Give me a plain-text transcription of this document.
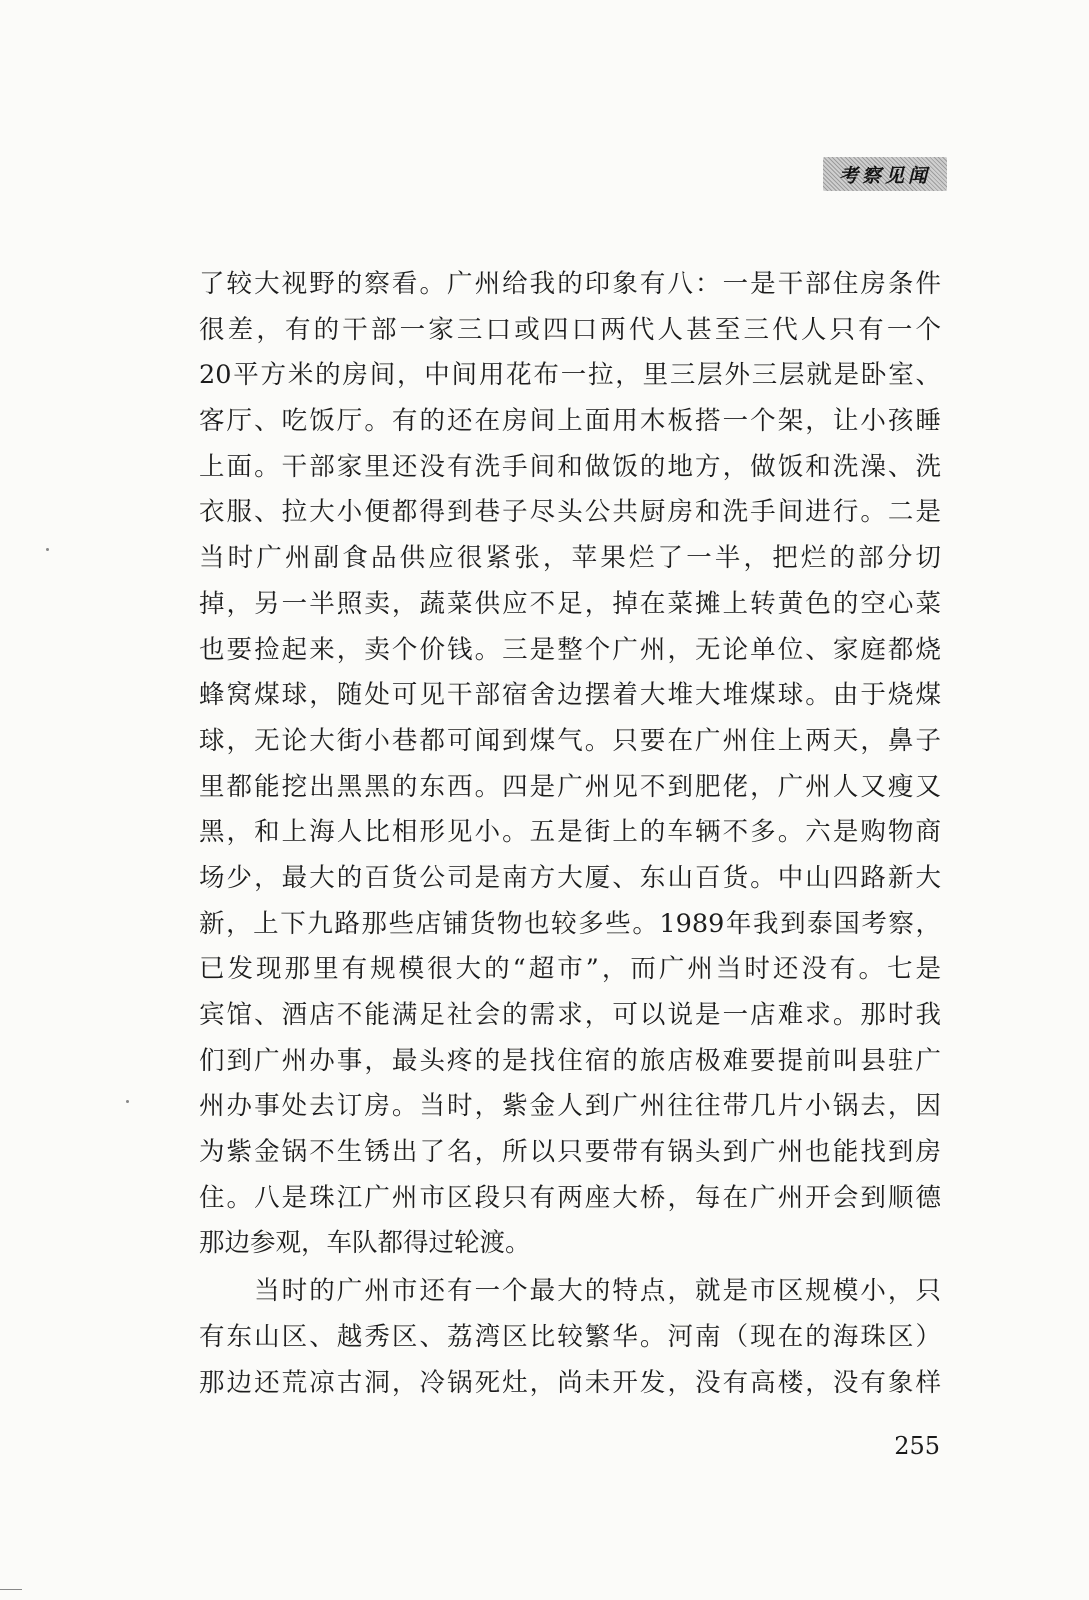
考察见闻
了较大视野的察看。广州给我的印象有八：一是干部住房条件
很差，有的干部一家三口或四口两代人甚至三代人只有一个
20平方米的房间，中间用花布一拉，里三层外三层就是卧室、
客厅、吃饭厅。有的还在房间上面用木板搭一个架，让小孩睡
上面。干部家里还没有洗手间和做饭的地方，做饭和洗澡、洗
衣服、拉大小便都得到巷子尽头公共厨房和洗手间进行。二是
当时广州副食品供应很紧张，苹果烂了一半，把烂的部分切
掉，另一半照卖，蔬菜供应不足，掉在菜摊上转黄色的空心菜
也要捡起来，卖个价钱。三是整个广州，无论单位、家庭都烧
蜂窝煤球，随处可见干部宿舍边摆着大堆大堆煤球。由于烧煤
球，无论大街小巷都可闻到煤气。只要在广州住上两天，鼻子
里都能挖出黑黑的东西。四是广州见不到肥佬，广州人又瘦又
黑，和上海人比相形见小。五是街上的车辆不多。六是购物商
场少，最大的百货公司是南方大厦、东山百货。中山四路新大
新，上下九路那些店铺货物也较多些。1989年我到泰国考察，
已发现那里有规模很大的“超市”，而广州当时还没有。七是
宾馆、酒店不能满足社会的需求，可以说是一店难求。那时我
们到广州办事，最头疼的是找住宿的旅店极难要提前叫县驻广
州办事处去订房。当时，紫金人到广州往往带几片小锅去，因
为紫金锅不生锈出了名，所以只要带有锅头到广州也能找到房
住。八是珠江广州市区段只有两座大桥，每在广州开会到顺德
那边参观，车队都得过轮渡。
　　当时的广州市还有一个最大的特点，就是市区规模小，只
有东山区、越秀区、荔湾区比较繁华。河南（现在的海珠区）
那边还荒凉古洞，冷锅死灶，尚未开发，没有高楼，没有象样
255
